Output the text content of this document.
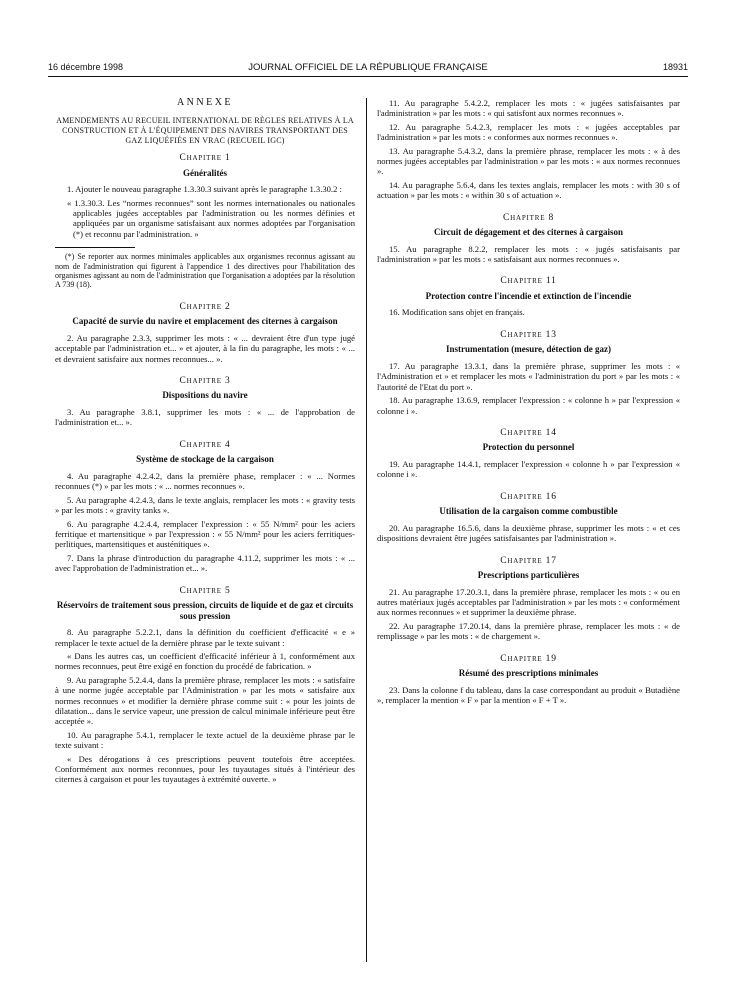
16 décembre 1998	JOURNAL OFFICIEL DE LA RÉPUBLIQUE FRANÇAISE	18931
ANNEXE
AMENDEMENTS AU RECUEIL INTERNATIONAL DE RÈGLES RELATIVES À LA CONSTRUCTION ET À L'ÉQUIPEMENT DES NAVIRES TRANSPORTANT DES GAZ LIQUÉFIÉS EN VRAC (RECUEIL IGC)
Chapitre 1
Généralités

1. Ajouter le nouveau paragraphe 1.3.30.3 suivant après le paragraphe 1.3.30.2 :

« 1.3.30.3. Les “normes reconnues” sont les normes internationales ou nationales applicables jugées acceptables par l'administration ou les normes définies et appliquées par un organisme satisfaisant aux normes adoptées par l'organisation (*) et reconnu par l'administration. »

(*) Se reporter aux normes minimales applicables aux organismes reconnus agissant au nom de l'administration qui figurent à l'appendice 1 des directives pour l'habilitation des organismes agissant au nom de l'administration que l'organisation a adoptées par la résolution A 739 (18).

Chapitre 2
Capacité de survie du navire et emplacement des citernes à cargaison

2. Au paragraphe 2.3.3, supprimer les mots : « ... devraient être d'un type jugé acceptable par l'administration et... » et ajouter, à la fin du paragraphe, les mots : « ... et devraient satisfaire aux normes reconnues... ».

Chapitre 3
Dispositions du navire

3. Au paragraphe 3.8.1, supprimer les mots : « ... de l'approbation de l'administration et... ».

Chapitre 4
Système de stockage de la cargaison

4. Au paragraphe 4.2.4.2, dans la première phase, remplacer : « ... Normes reconnues (*) » par les mots : « ... normes reconnues ».

5. Au paragraphe 4.2.4.3, dans le texte anglais, remplacer les mots : « gravity tests » par les mots : « gravity tanks ».

6. Au paragraphe 4.2.4.4, remplacer l'expression : « 55 N/mm² pour les aciers ferritique et martensitique » par l'expression : « 55 N/mm² pour les aciers ferritiques-perlitiques, martensitiques et austénitiques ».

7. Dans la phrase d'introduction du paragraphe 4.11.2, supprimer les mots : « ... avec l'approbation de l'administration et... ».

Chapitre 5
Réservoirs de traitement sous pression, circuits de liquide et de gaz et circuits sous pression

8. Au paragraphe 5.2.2.1, dans la définition du coefficient d'efficacité « e » remplacer le texte actuel de la dernière phrase par le texte suivant :

« Dans les autres cas, un coefficient d'efficacité inférieur à 1, conformément aux normes reconnues, peut être exigé en fonction du procédé de fabrication. »

9. Au paragraphe 5.2.4.4, dans la première phrase, remplacer les mots : « satisfaire à une norme jugée acceptable par l'Administration » par les mots « satisfaire aux normes reconnues » et modifier la dernière phrase comme suit : « pour les joints de dilatation... dans le service vapeur, une pression de calcul minimale inférieure peut être acceptée ».

10. Au paragraphe 5.4.1, remplacer le texte actuel de la deuxième phrase par le texte suivant :

« Des dérogations à ces prescriptions peuvent toutefois être acceptées. Conformément aux normes reconnues, pour les tuyautages situés à l'intérieur des citernes à cargaison et pour les tuyautages à extrémité ouverte. »

11. Au paragraphe 5.4.2.2, remplacer les mots : « jugées satisfaisantes par l'administration » par les mots : « qui satisfont aux normes reconnues ».

12. Au paragraphe 5.4.2.3, remplacer les mots : « jugées acceptables par l'administration » par les mots : « conformes aux normes reconnues ».

13. Au paragraphe 5.4.3.2, dans la première phrase, remplacer les mots : « à des normes jugées acceptables par l'administration » par les mots : « aux normes reconnues ».

14. Au paragraphe 5.6.4, dans les textes anglais, remplacer les mots : with 30 s of actuation » par les mots : « within 30 s of actuation ».

Chapitre 8
Circuit de dégagement et des citernes à cargaison

15. Au paragraphe 8.2.2, remplacer les mots : « jugés satisfaisants par l'administration » par les mots : « satisfaisant aux normes reconnues ».

Chapitre 11
Protection contre l'incendie et extinction de l'incendie

16. Modification sans objet en français.

Chapitre 13
Instrumentation (mesure, détection de gaz)

17. Au paragraphe 13.3.1, dans la première phrase, supprimer les mots : « l'Administration et » et remplacer les mots « l'administration du port » par les mots : « l'autorité de l'Etat du port ».

18. Au paragraphe 13.6.9, remplacer l'expression : « colonne h » par l'expression « colonne i ».

Chapitre 14
Protection du personnel

19. Au paragraphe 14.4.1, remplacer l'expression « colonne h » par l'expression « colonne i ».

Chapitre 16
Utilisation de la cargaison comme combustible

20. Au paragraphe 16.5.6, dans la deuxième phrase, supprimer les mots : « et ces dispositions devraient être jugées satisfaisantes par l'administration ».

Chapitre 17
Prescriptions particulières

21. Au paragraphe 17.20.3.1, dans la première phrase, remplacer les mots : « ou en autres matériaux jugés acceptables par l'administration » par les mots : « conformément aux normes reconnues » et supprimer la deuxième phrase.

22. Au paragraphe 17.20.14, dans la première phrase, remplacer les mots : « de remplissage » par les mots : « de chargement ».

Chapitre 19
Résumé des prescriptions minimales

23. Dans la colonne f du tableau, dans la case correspondant au produit « Butadiène », remplacer la mention « F » par la mention « F + T ».
